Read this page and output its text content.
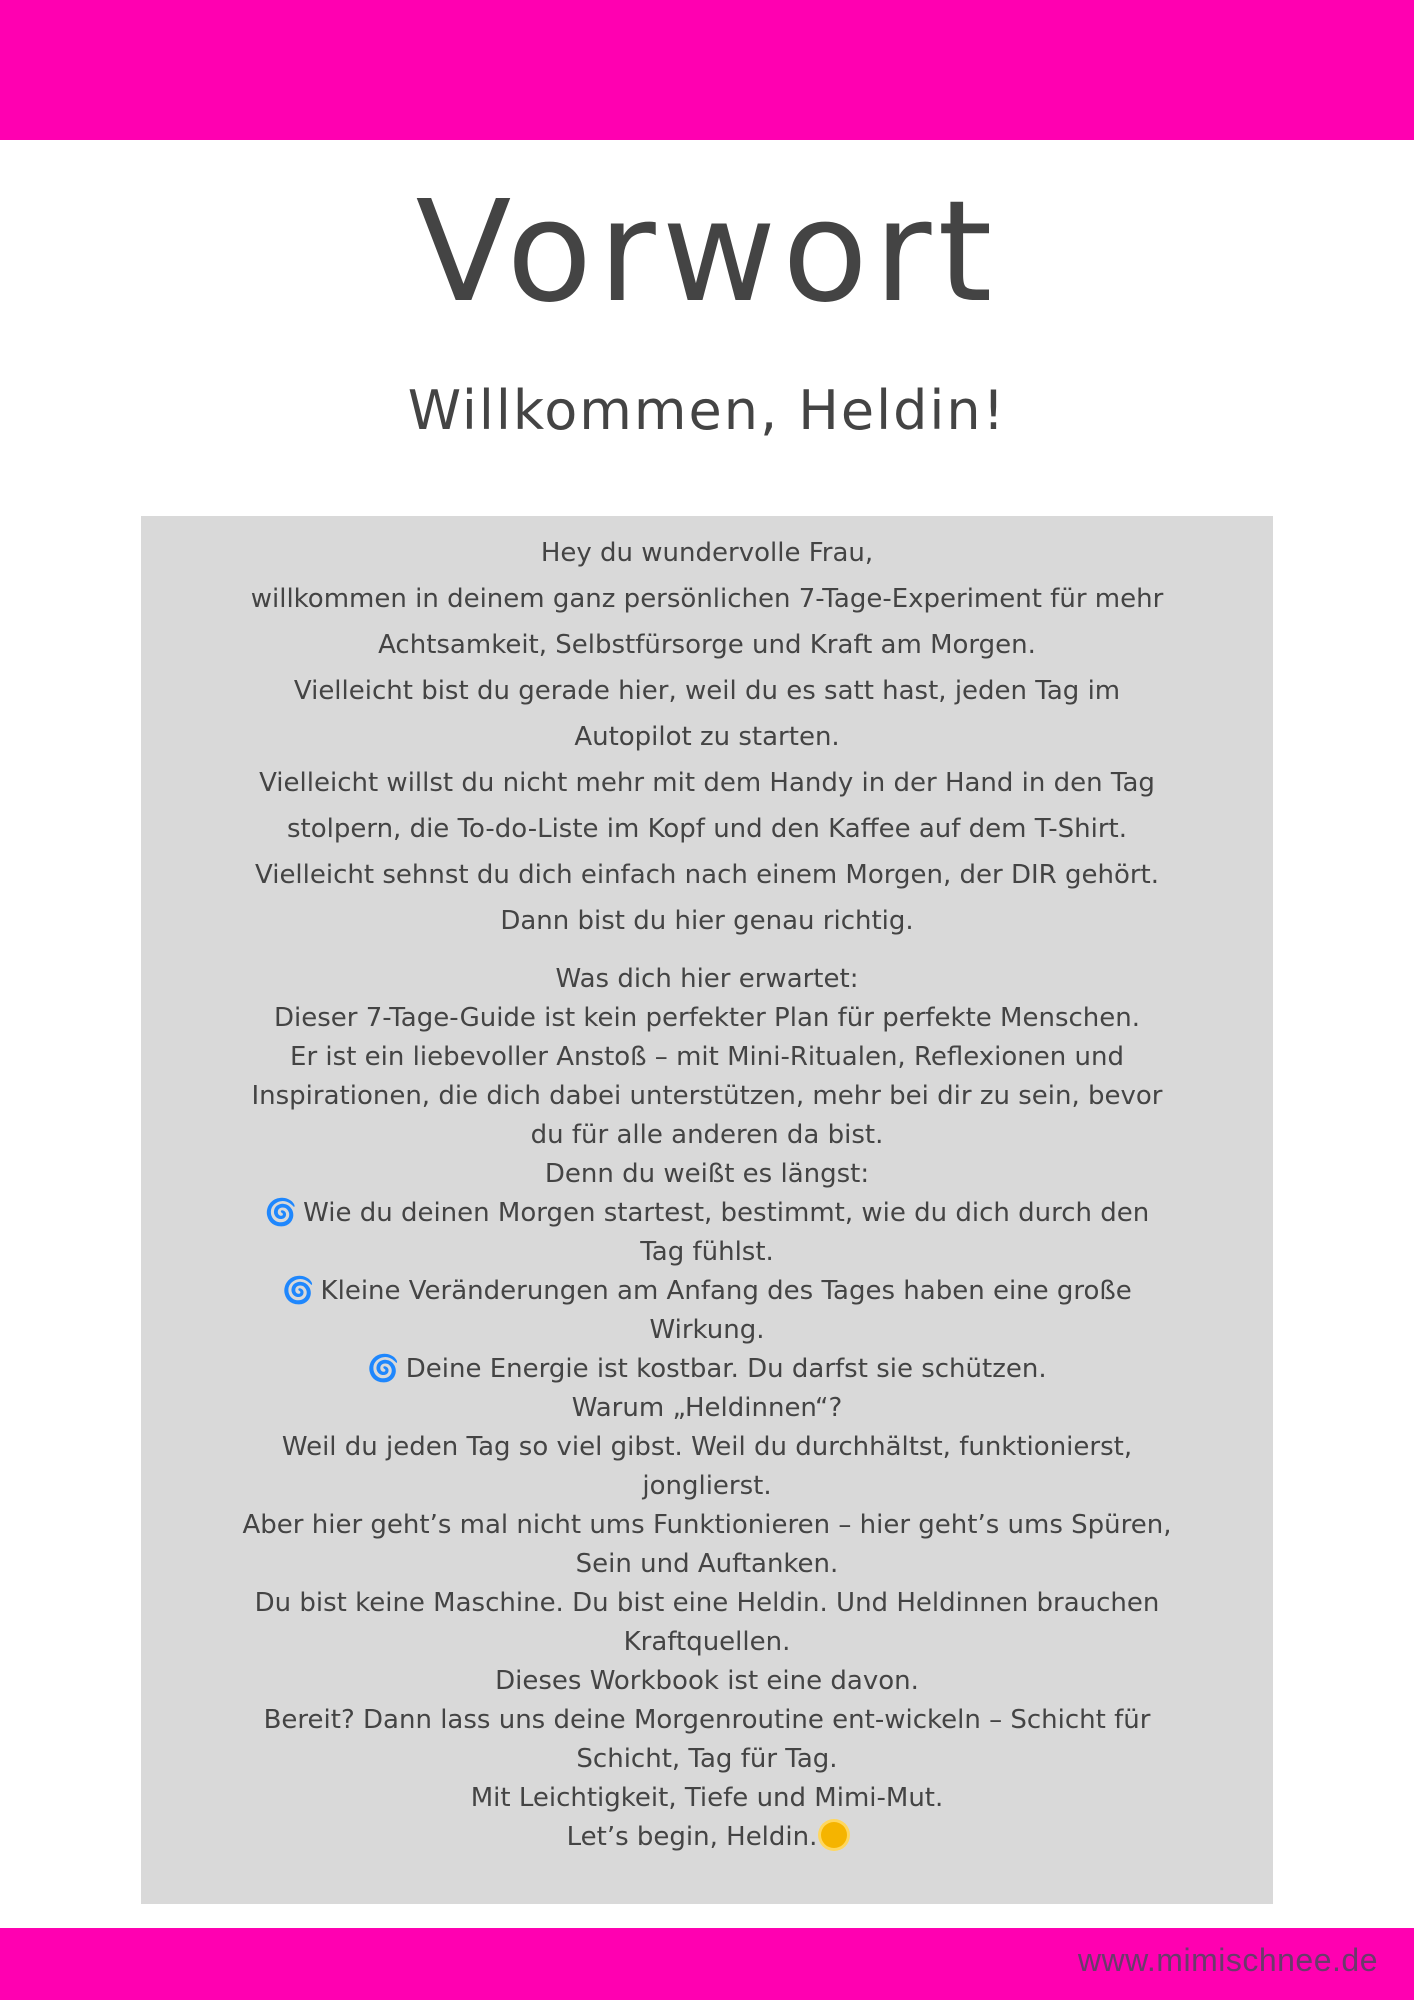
Vorwort
Willkommen, Heldin!

Hey du wundervolle Frau,

willkommen in deinem ganz persönlichen 7-Tage-Experiment für mehr Achtsamkeit, Selbstfürsorge und Kraft am Morgen.

Vielleicht bist du gerade hier, weil du es satt hast, jeden Tag im Autopilot zu starten.

Vielleicht willst du nicht mehr mit dem Handy in der Hand in den Tag stolpern, die To-do-Liste im Kopf und den Kaffee auf dem T-Shirt.

Vielleicht sehnst du dich einfach nach einem Morgen, der DIR gehört.

Dann bist du hier genau richtig.

Was dich hier erwartet:

Dieser 7-Tage-Guide ist kein perfekter Plan für perfekte Menschen.

Er ist ein liebevoller Anstoß – mit Mini-Ritualen, Reflexionen und Inspirationen, die dich dabei unterstützen, mehr bei dir zu sein, bevor du für alle anderen da bist.

Denn du weißt es längst:

🌀 Wie du deinen Morgen startest, bestimmt, wie du dich durch den Tag fühlst.

🌀 Kleine Veränderungen am Anfang des Tages haben eine große Wirkung.

🌀 Deine Energie ist kostbar. Du darfst sie schützen.

Warum „Heldinnen“?

Weil du jeden Tag so viel gibst. Weil du durchhältst, funktionierst, jonglierst.

Aber hier geht’s mal nicht ums Funktionieren – hier geht’s ums Spüren, Sein und Auftanken.

Du bist keine Maschine. Du bist eine Heldin. Und Heldinnen brauchen Kraftquellen.

Dieses Workbook ist eine davon.

Bereit? Dann lass uns deine Morgenroutine ent-wickeln – Schicht für Schicht, Tag für Tag.

Mit Leichtigkeit, Tiefe und Mimi-Mut.

Let’s begin, Heldin.

www.mimischnee.de
